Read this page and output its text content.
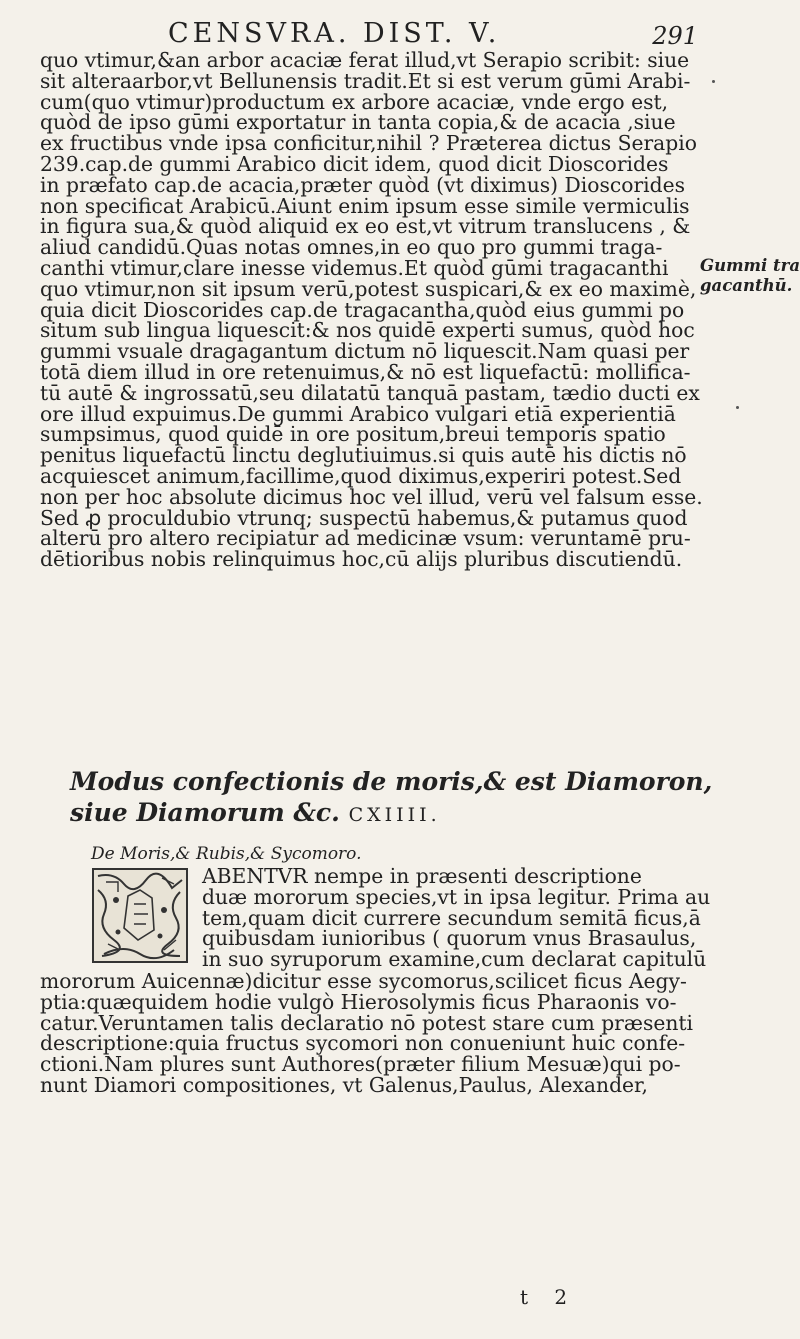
CENSVRA. DIST. V.	291
quo vtimur,&an arbor acaciæ ferat illud,vt Serapio scribit: siue
sit alteraarbor,vt Bellunensis tradit.Et si est verum gūmi Arabi-
cum(quo vtimur)productum ex arbore acaciæ, vnde ergo est,
quòd de ipso gūmi exportatur in tanta copia,& de acacia ,siue
ex fructibus vnde ipsa conficitur,nihil ? Præterea dictus Serapio
239.cap.de gummi Arabico dicit idem, quod dicit Dioscorides
in præfato cap.de acacia,præter quòd (vt diximus) Dioscorides
non specificat Arabicū.Aiunt enim ipsum esse simile vermiculis
in figura sua,& quòd aliquid ex eo est,vt vitrum translucens , &
aliud candidū.Quas notas omnes,in eo quo pro gummi traga-
canthi vtimur,clare inesse videmus.Et quòd gūmi tragacanthi
quo vtimur,non sit ipsum verū,potest suspicari,& ex eo maximè,
quia dicit Dioscorides cap.de tragacantha,quòd eius gummi po
situm sub lingua liquescit:& nos quidē experti sumus, quòd hoc
gummi vsuale dragagantum dictum nō liquescit.Nam quasi per
totā diem illud in ore retenuimus,& nō est liquefactū: mollifica-
tū autē & ingrossatū,seu dilatatū tanquā pastam, tædio ducti ex
ore illud expuimus.De gummi Arabico vulgari etiā experientiā
sumpsimus, quod quidē in ore positum,breui temporis spatio
penitus liquefactū linctu deglutiuimus.si quis autē his dictis nō
acquiescet animum,facillime,quod diximus,experiri potest.Sed
non per hoc absolute dicimus hoc vel illud, verū vel falsum esse.
Sed ꝓ proculdubio vtrunq; suspectū habemus,& putamus quod
alterū pro altero recipiatur ad medicinæ vsum: veruntamē pru-
dētioribus nobis relinquimus hoc,cū alijs pluribus discutiendū.
Gummi tra
gacanthū.
Modus confectionis de moris,& est Diamoron,
siue Diamorum &c. CXIIII.
De Moris,& Rubis,& Sycomoro.
ABENTVR nempe in præsenti descriptione
duæ mororum species,vt in ipsa legitur. Prima au
tem,quam dicit currere secundum semitā ficus,ā
quibusdam iunioribus ( quorum vnus Brasaulus,
in suo syruporum examine,cum declarat capitulū
mororum Auicennæ)dicitur esse sycomorus,scilicet ficus Aegy-
ptia:quæquidem hodie vulgò Hierosolymis ficus Pharaonis vo-
catur.Veruntamen talis declaratio nō potest stare cum præsenti
descriptione:quia fructus sycomori non conueniunt huic confe-
ctioni.Nam plures sunt Authores(præter filium Mesuæ)qui po-
nunt Diamori compositiones, vt Galenus,Paulus, Alexander,
t 2
